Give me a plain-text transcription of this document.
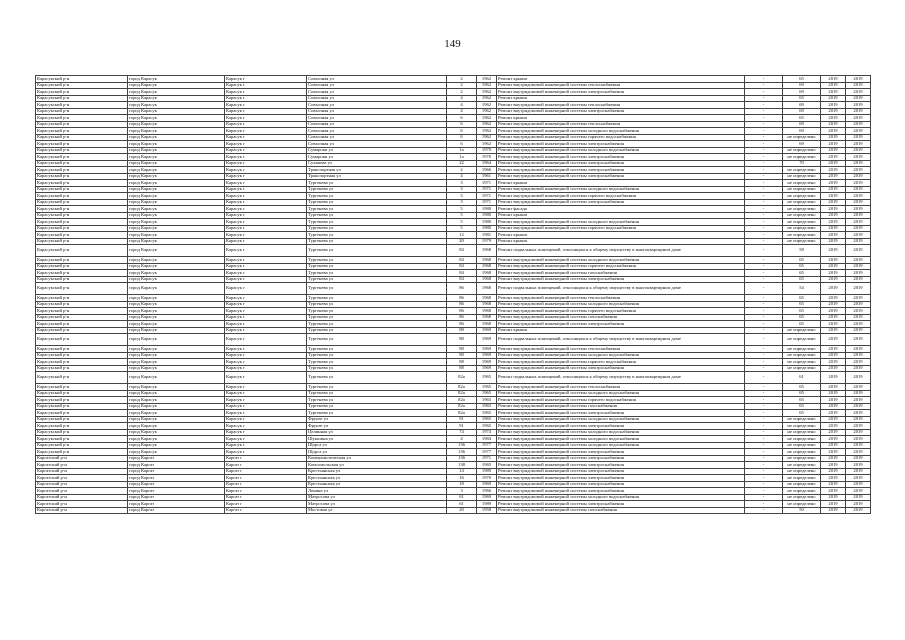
149
Карасукский р-н	город Карасук	Карасук г	Совхозная ул	2	1962	Ремонт крыши	-	65	2019	2019
Карасукский р-н	город Карасук	Карасук г	Совхозная ул	2	1962	Ремонт внутридомовой инженерной системы теплоснабжения	-	69	2019	2019
Карасукский р-н	город Карасук	Карасук г	Совхозная ул	2	1962	Ремонт внутридомовой инженерной системы электроснабжения	-	69	2019	2019
Карасукский р-н	город Карасук	Карасук г	Совхозная ул	4	1962	Ремонт крыши	-	65	2019	2019
Карасукский р-н	город Карасук	Карасук г	Совхозная ул	4	1962	Ремонт внутридомовой инженерной системы теплоснабжения	-	69	2019	2019
Карасукский р-н	город Карасук	Карасук г	Совхозная ул	4	1962	Ремонт внутридомовой инженерной системы электроснабжения	-	69	2019	2019
Карасукский р-н	город Карасук	Карасук г	Совхозная ул	6	1962	Ремонт крыши	-	65	2019	2019
Карасукский р-н	город Карасук	Карасук г	Совхозная ул	6	1962	Ремонт внутридомовой инженерной системы теплоснабжения	-	69	2019	2019
Карасукский р-н	город Карасук	Карасук г	Совхозная ул	6	1962	Ремонт внутридомовой инженерной системы холодного водоснабжения	-	69	2019	2019
Карасукский р-н	город Карасук	Карасук г	Совхозная ул	6	1962	Ремонт внутридомовой инженерной системы горячего водоснабжения	-	не определено	2019	2019
Карасукский р-н	город Карасук	Карасук г	Совхозная ул	6	1962	Ремонт внутридомовой инженерной системы электроснабжения	-	69	2019	2019
Карасукский р-н	город Карасук	Карасук г	Сумароки ул	1а	1970	Ремонт внутридомовой инженерной системы холодного водоснабжения	-	не определено	2019	2019
Карасукский р-н	город Карасук	Карасук г	Сумароки ул	1а	1970	Ремонт внутридомовой инженерной системы электроснабжения	-	не определено	2019	2019
Карасукский р-н	город Карасук	Карасук г	Суханова ул	22	1964	Ремонт внутридомовой инженерной системы электроснабжения	-	70	2019	2019
Карасукский р-н	город Карасук	Карасук г	Транспортная ул	2	1966	Ремонт внутридомовой инженерной системы электроснабжения	-	не определено	2019	2019
Карасукский р-н	город Карасук	Карасук г	Транспортная ул	4	1961	Ремонт внутридомовой инженерной системы электроснабжения	-	не определено	2019	2019
Карасукский р-н	город Карасук	Карасук г	Тургенева ул	3	1971	Ремонт крыши	-	не определено	2019	2019
Карасукский р-н	город Карасук	Карасук г	Тургенева ул	3	1971	Ремонт внутридомовой инженерной системы холодного водоснабжения	-	не определено	2019	2019
Карасукский р-н	город Карасук	Карасук г	Тургенева ул	3	1971	Ремонт внутридомовой инженерной системы горячего водоснабжения	-	не определено	2019	2019
Карасукский р-н	город Карасук	Карасук г	Тургенева ул	3	1971	Ремонт внутридомовой инженерной системы электроснабжения	-	не определено	2019	2019
Карасукский р-н	город Карасук	Карасук г	Тургенева ул	5	1980	Ремонт фасада	-	не определено	2019	2019
Карасукский р-н	город Карасук	Карасук г	Тургенева ул	5	1980	Ремонт крыши	-	не определено	2019	2019
Карасукский р-н	город Карасук	Карасук г	Тургенева ул	5	1980	Ремонт внутридомовой инженерной системы холодного водоснабжения	-	не определено	2019	2019
Карасукский р-н	город Карасук	Карасук г	Тургенева ул	5	1980	Ремонт внутридомовой инженерной системы горячего водоснабжения	-	не определено	2019	2019
Карасукский р-н	город Карасук	Карасук г	Тургенева ул	12	1981	Ремонт крыши	-	не определено	2019	2019
Карасукский р-н	город Карасук	Карасук г	Тургенева ул	20	1979	Ремонт крыши	-	не определено	2019	2019
Карасукский р-н	город Карасук	Карасук г	Тургенева ул	84	1968	Ремонт подвальных помещений, относящихся к общему имуществу в многоквартирном доме	-	58	2019	2019
Карасукский р-н	город Карасук	Карасук г	Тургенева ул	84	1968	Ремонт внутридомовой инженерной системы холодного водоснабжения	-	65	2019	2019
Карасукский р-н	город Карасук	Карасук г	Тургенева ул	84	1968	Ремонт внутридомовой инженерной системы горячего водоснабжения	-	65	2019	2019
Карасукский р-н	город Карасук	Карасук г	Тургенева ул	84	1968	Ремонт внутридомовой инженерной системы газоснабжения	-	65	2019	2019
Карасукский р-н	город Карасук	Карасук г	Тургенева ул	84	1968	Ремонт внутридомовой инженерной системы электроснабжения	-	65	2019	2019
Карасукский р-н	город Карасук	Карасук г	Тургенева ул	86	1968	Ремонт подвальных помещений, относящихся к общему имуществу в многоквартирном доме	-	54	2019	2019
Карасукский р-н	город Карасук	Карасук г	Тургенева ул	86	1968	Ремонт внутридомовой инженерной системы теплоснабжения	-	65	2019	2019
Карасукский р-н	город Карасук	Карасук г	Тургенева ул	86	1968	Ремонт внутридомовой инженерной системы холодного водоснабжения	-	65	2019	2019
Карасукский р-н	город Карасук	Карасук г	Тургенева ул	86	1968	Ремонт внутридомовой инженерной системы горячего водоснабжения	-	65	2019	2019
Карасукский р-н	город Карасук	Карасук г	Тургенева ул	86	1968	Ремонт внутридомовой инженерной системы газоснабжения	-	65	2019	2019
Карасукский р-н	город Карасук	Карасук г	Тургенева ул	86	1968	Ремонт внутридомовой инженерной системы электроснабжения	-	65	2019	2019
Карасукский р-н	город Карасук	Карасук г	Тургенева ул	88	1969	Ремонт крыши	-	не определено	2019	2019
Карасукский р-н	город Карасук	Карасук г	Тургенева ул	88	1969	Ремонт подвальных помещений, относящихся к общему имуществу в многоквартирном доме	-	не определено	2019	2019
Карасукский р-н	город Карасук	Карасук г	Тургенева ул	88	1969	Ремонт внутридомовой инженерной системы теплоснабжения	-	не определено	2019	2019
Карасукский р-н	город Карасук	Карасук г	Тургенева ул	88	1969	Ремонт внутридомовой инженерной системы холодного водоснабжения	-	не определено	2019	2019
Карасукский р-н	город Карасук	Карасук г	Тургенева ул	88	1969	Ремонт внутридомовой инженерной системы горячего водоснабжения	-	не определено	2019	2019
Карасукский р-н	город Карасук	Карасук г	Тургенева ул	88	1969	Ремонт внутридомовой инженерной системы электроснабжения	-	не определено	2019	2019
Карасукский р-н	город Карасук	Карасук г	Тургенева ул	82а	1965	Ремонт подвальных помещений, относящихся к общему имуществу в многоквартирном доме	-	61	2019	2019
Карасукский р-н	город Карасук	Карасук г	Тургенева ул	82а	1965	Ремонт внутридомовой инженерной системы теплоснабжения	-	65	2019	2019
Карасукский р-н	город Карасук	Карасук г	Тургенева ул	82а	1965	Ремонт внутридомовой инженерной системы холодного водоснабжения	-	65	2019	2019
Карасукский р-н	город Карасук	Карасук г	Тургенева ул	82а	1965	Ремонт внутридомовой инженерной системы горячего водоснабжения	-	65	2019	2019
Карасукский р-н	город Карасук	Карасук г	Тургенева ул	82а	1965	Ремонт внутридомовой инженерной системы газоснабжения	-	65	2019	2019
Карасукский р-н	город Карасук	Карасук г	Тургенева ул	82а	1965	Ремонт внутридомовой инженерной системы электроснабжения	-	65	2019	2019
Карасукский р-н	город Карасук	Карасук г	Фрунзе ул	91	1965	Ремонт внутридомовой инженерной системы холодного водоснабжения	-	не определено	2019	2019
Карасукский р-н	город Карасук	Карасук г	Фрунзе ул	91	1965	Ремонт внутридомовой инженерной системы электроснабжения	-	не определено	2019	2019
Карасукский р-н	город Карасук	Карасук г	Целинная ул	74	1974	Ремонт внутридомовой инженерной системы холодного водоснабжения	-	не определено	2019	2019
Карасукский р-н	город Карасук	Карасук г	Шукшина ул	4	1984	Ремонт внутридомовой инженерной системы холодного водоснабжения	-	не определено	2019	2019
Карасукский р-н	город Карасук	Карасук г	Щорса ул	136	1977	Ремонт внутридомовой инженерной системы холодного водоснабжения	-	не определено	2019	2019
Карасукский р-н	город Карасук	Карасук г	Щорса ул	136	1977	Ремонт внутридомовой инженерной системы электроснабжения	-	не определено	2019	2019
Каргатский р-н	город Каргат	Каргат г	Коммунистическая ул	136	1971	Ремонт внутридомовой инженерной системы электроснабжения	-	не определено	2019	2019
Каргатский р-н	город Каргат	Каргат г	Комсомольская ул	138	1965	Ремонт внутридомовой инженерной системы электроснабжения	-	не определено	2019	2019
Каргатский р-н	город Каргат	Каргат г	Крестьянская ул	14	1989	Ремонт внутридомовой инженерной системы электроснабжения	-	не определено	2019	2019
Каргатский р-н	город Каргат	Каргат г	Крестьянская ул	16	1970	Ремонт внутридомовой инженерной системы электроснабжения	-	не определено	2019	2019
Каргатский р-н	город Каргат	Каргат г	Крестьянская ул	18	1969	Ремонт внутридомовой инженерной системы электроснабжения	-	не определено	2019	2019
Каргатский р-н	город Каргат	Каргат г	Ленина ул	3	1966	Ремонт внутридомовой инженерной системы электроснабжения	-	не определено	2019	2019
Каргатский р-н	город Каргат	Каргат г	Матросова ул	61	1969	Ремонт внутридомовой инженерной системы холодного водоснабжения	-	не определено	2019	2019
Каргатский р-н	город Каргат	Каргат г	Матросова ул	61	1989	Ремонт внутридомовой инженерной системы электроснабжения	-	не определено	2019	2019
Каргатский р-н	город Каргат	Каргат г	Мостовая ул	20	1958	Ремонт внутридомовой инженерной системы газоснабжения	-	50	2019	2019
